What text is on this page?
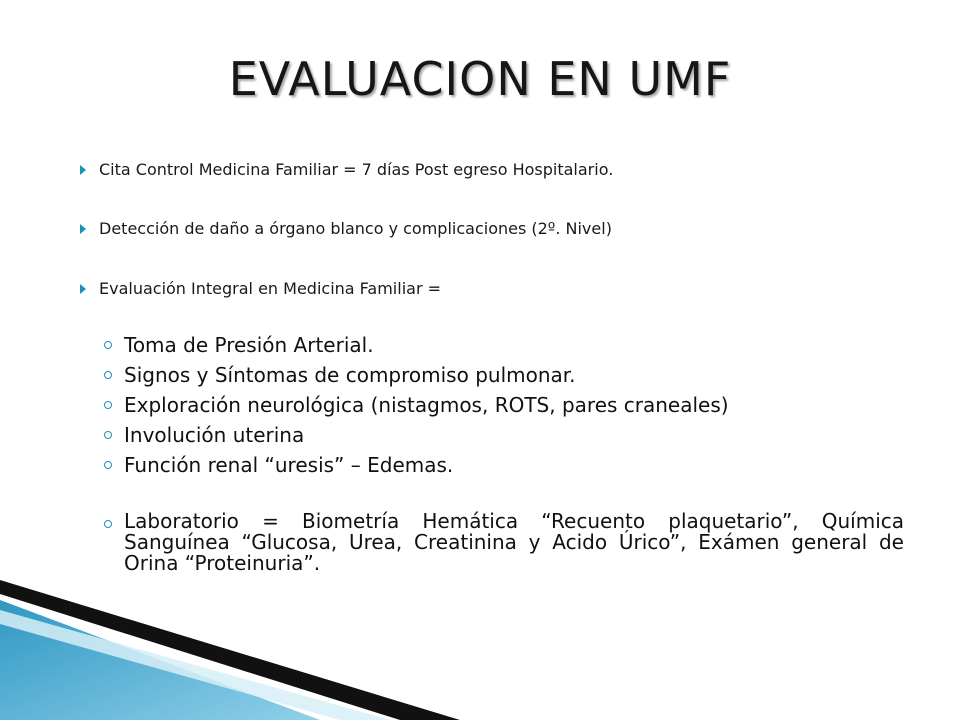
EVALUACION EN UMF
Cita Control Medicina Familiar = 7 días Post egreso Hospitalario.
Detección de daño a órgano blanco y complicaciones (2º. Nivel)
Evaluación Integral en Medicina Familiar =
Toma de Presión Arterial.
Signos y Síntomas de compromiso pulmonar.
Exploración neurológica (nistagmos, ROTS, pares craneales)
Involución uterina
Función renal “uresis” – Edemas.
Laboratorio = Biometría Hemática “Recuento plaquetario”, Química Sanguínea “Glucosa, Urea, Creatinina y Acido Úrico”, Exámen general de Orina “Proteinuria”.
